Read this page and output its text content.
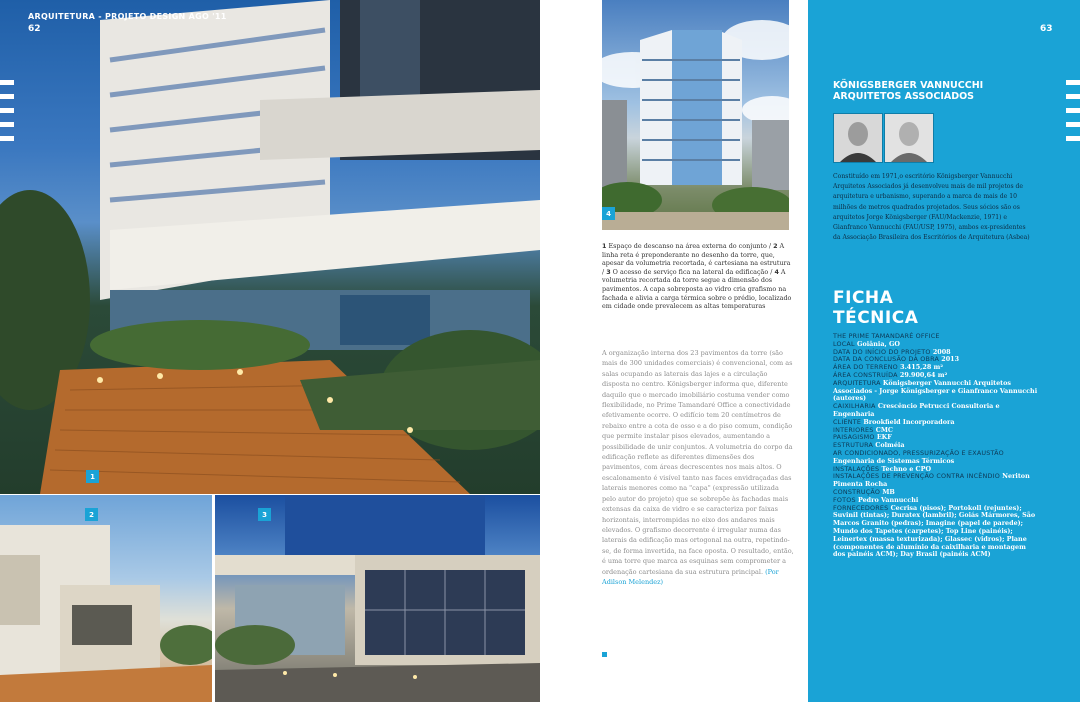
1
ARQUITETURA - PROJETO DESIGN AGO '11
62
2	3
4
1 Espaço de descanso na área externa do conjunto / 2 A linha reta é preponderante no desenho da torre, que, apesar da volumetria recortada, é cartesiana na estrutura / 3 O acesso de serviço fica na lateral da edificação / 4 A volumetria recortada da torre segue a dimensão dos pavimentos. A capa sobreposta ao vidro cria grafismo na fachada e alivia a carga térmica sobre o prédio, localizado em cidade onde prevalecem as altas temperaturas
A organização interna dos 23 pavimentos da torre (são mais de 300 unidades comerciais) é convencional, com as salas ocupando as laterais das lajes e a circulação disposta no centro. Königsberger informa que, diferente daquilo que o mercado imobiliário costuma vender como flexibilidade, no Prime Tamandaré Office a conectividade efetivamente ocorre. O edifício tem 20 centímetros de rebaixo entre a cota de osso e a do piso comum, condição que permite instalar pisos elevados, aumentando a possibilidade de unir conjuntos. A volumetria do corpo da edificação reflete as diferentes dimensões dos pavimentos, com áreas decrescentes nos mais altos. O escalonamento é visível tanto nas faces envidraçadas das laterais menores como na "capa" (expressão utilizada pelo autor do projeto) que se sobrepõe às fachadas mais extensas da caixa de vidro e se caracteriza por faixas horizontais, interrompidas no eixo dos andares mais elevados. O grafismo decorrente é irregular numa das laterais da edificação mas ortogonal na outra, repetindo-se, de forma invertida, na face oposta. O resultado, então, é uma torre que marca as esquinas sem comprometer a ordenação cartesiana da sua estrutura principal. (Por Adilson Melendez)
63
KÖNIGSBERGER VANNUCCHI
ARQUITETOS ASSOCIADOS
Constituído em 1971,o escritório Königsberger Vannucchi Arquitetos Associados já desenvolveu mais de mil projetos de arquitetura e urbanismo, superando a marca de mais de 10 milhões de metros quadrados projetados. Seus sócios são os arquitetos Jorge Königsberger (FAU/Mackenzie, 1971) e Gianfranco Vannucchi (FAU/USP, 1975), ambos ex-presidentes da Associação Brasileira dos Escritórios de Arquitetura (Asbea)
FICHA
TÉCNICA
THE PRIME TAMANDARÉ OFFICE
LOCAL Goiânia, GO
DATA DO INÍCIO DO PROJETO 2008
DATA DA CONCLUSÃO DA OBRA 2013
ÁREA DO TERRENO 3.415,28 m²
ÁREA CONSTRUÍDA 29.900,64 m²
ARQUITETURA Königsberger Vannucchi Arquitetos Associados - Jorge Königsberger e Gianfranco Vannucchi (autores)
CAIXILHARIA Crescêncio Petrucci Consultoria e Engenharia
CLIENTE Brookfield Incorporadora
INTERIORES CMC
PAISAGISMO EKF
ESTRUTURA Colméia
AR CONDICIONADO, PRESSURIZAÇÃO E EXAUSTÃO Engenharia de Sistemas Térmicos
INSTALAÇÕES Techno e CPO
INSTALAÇÕES DE PREVENÇÃO CONTRA INCÊNDIO Neriton Pimenta Rocha
CONSTRUÇÃO MB
FOTOS Pedro Vannucchi
FORNECEDORES Cecrisa (pisos); Portokoll (rejuntes); Suvinil (tintas); Duratex (lambril); Goiás Mármores, São Marcos Granito (pedras); Imagine (papel de parede); Mundo dos Tapetes (carpetes); Top Line (painéis); Leinertex (massa texturizada); Glassec (vidros); Plane (componentes de alumínio da caixilharia e montagem dos painéis ACM); Day Brasil (painéis ACM)
